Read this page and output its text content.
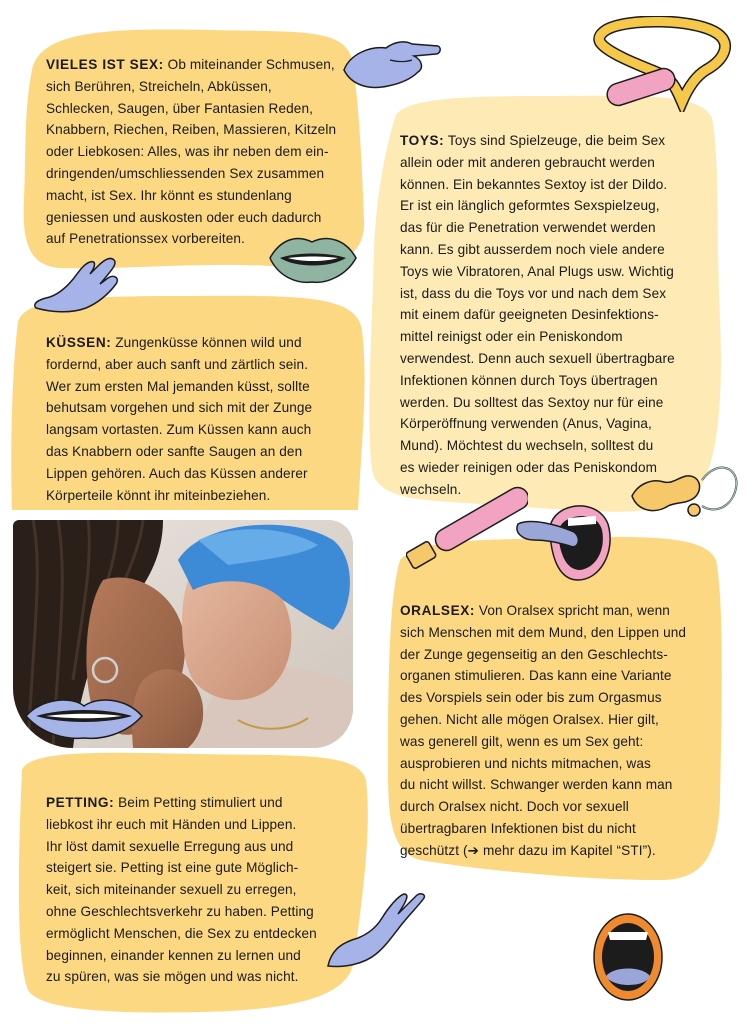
VIELES IST SEX: Ob miteinander Schmusen,
sich Berühren, Streicheln, Abküssen,
Schlecken, Saugen, über Fantasien Reden,
Knabbern, Riechen, Reiben, Massieren, Kitzeln
oder Liebkosen: Alles, was ihr neben dem ein-
dringenden/umschliessenden Sex zusammen
macht, ist Sex. Ihr könnt es stundenlang
geniessen und auskosten oder euch dadurch
auf Penetrationssex vorbereiten.
TOYS: Toys sind Spielzeuge, die beim Sex
allein oder mit anderen gebraucht werden
können. Ein bekanntes Sextoy ist der Dildo.
Er ist ein länglich geformtes Sexspielzeug,
das für die Penetration verwendet werden
kann. Es gibt ausserdem noch viele andere
Toys wie Vibratoren, Anal Plugs usw. Wichtig
ist, dass du die Toys vor und nach dem Sex
mit einem dafür geeigneten Desinfektions-
mittel reinigst oder ein Peniskondom
verwendest. Denn auch sexuell übertragbare
Infektionen können durch Toys übertragen
werden. Du solltest das Sextoy nur für eine
Körperöffnung verwenden (Anus, Vagina,
Mund). Möchtest du wechseln, solltest du
es wieder reinigen oder das Peniskondom
wechseln.
KÜSSEN: Zungenküsse können wild und
fordernd, aber auch sanft und zärtlich sein.
Wer zum ersten Mal jemanden küsst, sollte
behutsam vorgehen und sich mit der Zunge
langsam vortasten. Zum Küssen kann auch
das Knabbern oder sanfte Saugen an den
Lippen gehören. Auch das Küssen anderer
Körperteile könnt ihr miteinbeziehen.
ORALSEX: Von Oralsex spricht man, wenn
sich Menschen mit dem Mund, den Lippen und
der Zunge gegenseitig an den Geschlechts-
organen stimulieren. Das kann eine Variante
des Vorspiels sein oder bis zum Orgasmus
gehen. Nicht alle mögen Oralsex. Hier gilt,
was generell gilt, wenn es um Sex geht:
ausprobieren und nichts mitmachen, was
du nicht willst. Schwanger werden kann man
durch Oralsex nicht. Doch vor sexuell
übertragbaren Infektionen bist du nicht
geschützt (➔ mehr dazu im Kapitel “STI”).
PETTING: Beim Petting stimuliert und
liebkost ihr euch mit Händen und Lippen.
Ihr löst damit sexuelle Erregung aus und
steigert sie. Petting ist eine gute Möglich-
keit, sich miteinander sexuell zu erregen,
ohne Geschlechtsverkehr zu haben. Petting
ermöglicht Menschen, die Sex zu entdecken
beginnen, einander kennen zu lernen und
zu spüren, was sie mögen und was nicht.
